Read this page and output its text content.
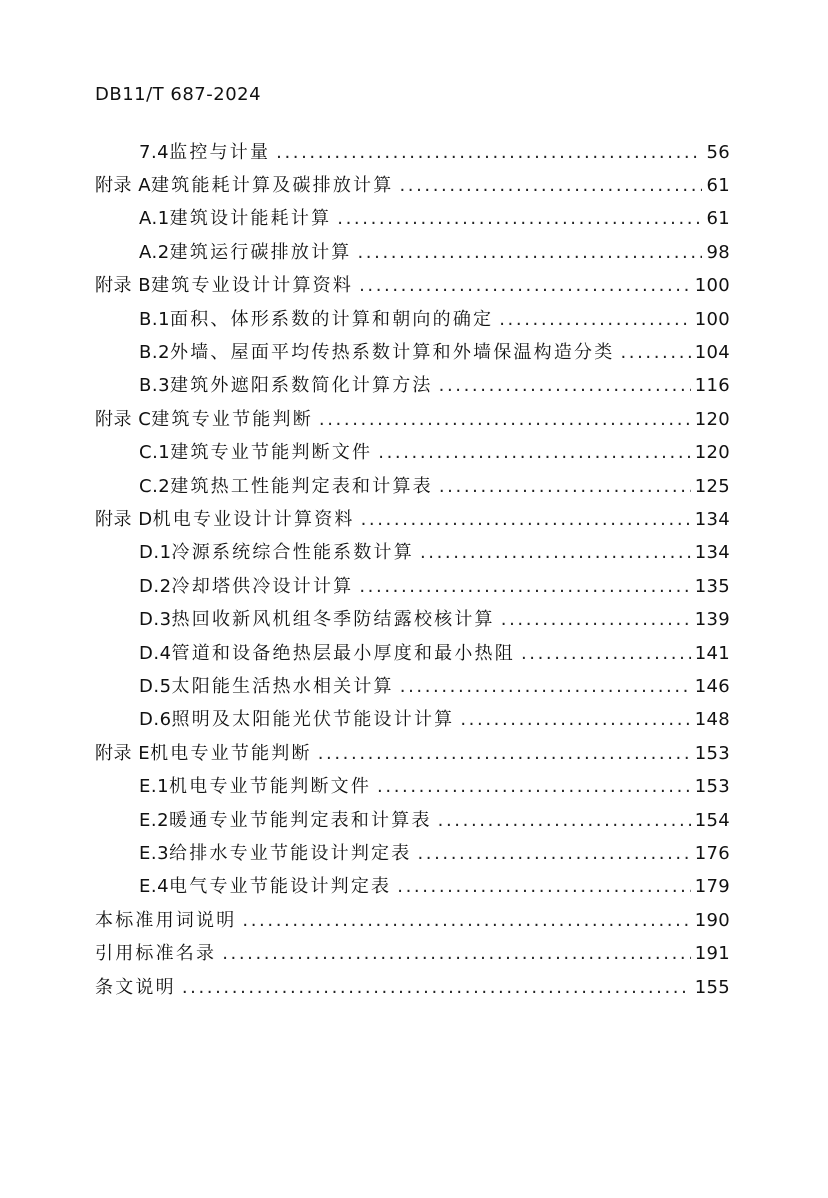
DB11/T 687-2024
7.4 监控与计量 .....	56
附录 A 建筑能耗计算及碳排放计算 .....	61
A.1 建筑设计能耗计算 .....	61
A.2 建筑运行碳排放计算 .....	98
附录 B 建筑专业设计计算资料 .....	100
B.1 面积、体形系数的计算和朝向的确定 .....	100
B.2 外墙、屋面平均传热系数计算和外墙保温构造分类 .....	104
B.3 建筑外遮阳系数简化计算方法 .....	116
附录 C 建筑专业节能判断 .....	120
C.1 建筑专业节能判断文件 .....	120
C.2 建筑热工性能判定表和计算表 .....	125
附录 D 机电专业设计计算资料 .....	134
D.1 冷源系统综合性能系数计算 .....	134
D.2 冷却塔供冷设计计算 .....	135
D.3 热回收新风机组冬季防结露校核计算 .....	139
D.4 管道和设备绝热层最小厚度和最小热阻 .....	141
D.5 太阳能生活热水相关计算 .....	146
D.6 照明及太阳能光伏节能设计计算 .....	148
附录 E 机电专业节能判断 .....	153
E.1 机电专业节能判断文件 .....	153
E.2 暖通专业节能判定表和计算表 .....	154
E.3 给排水专业节能设计判定表 .....	176
E.4 电气专业节能设计判定表 .....	179
本标准用词说明 .....	190
引用标准名录 .....	191
条文说明 .....	155
